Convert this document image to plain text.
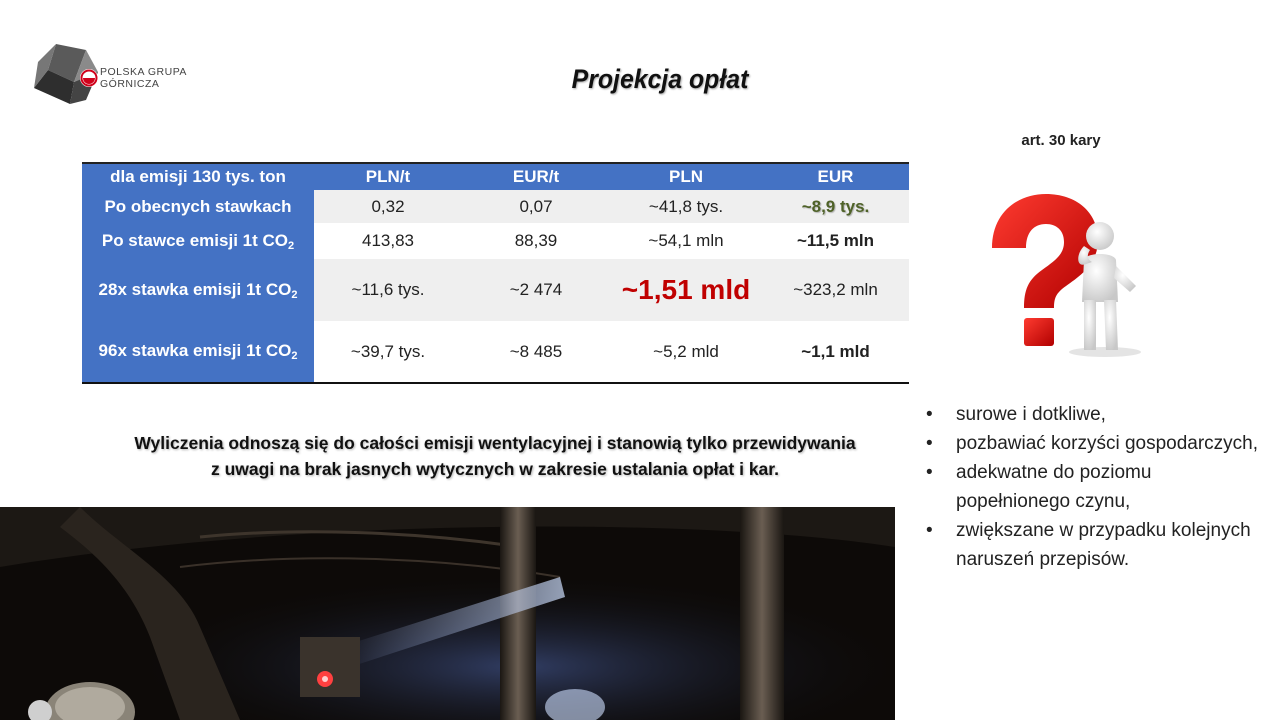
POLSKA GRUPA
GÓRNICZA	Projekcja opłat
dla emisji 130 tys. ton	PLN/t	EUR/t	PLN	EUR
Po obecnych stawkach	0,32	0,07	~41,8 tys.	~8,9 tys.
Po stawce emisji 1t $CO_2$	413,83	88,39	~54,1 mln	~11,5 mln
28x stawka emisji 1t $CO_2$	~11,6 tys.	~2 474	~1,51 mld	~323,2 mln
96x stawka emisji 1t $CO_2$	~39,7 tys.	~8 485	~5,2 mld	~1,1 mld
Wyliczenia odnoszą się do całości emisji wentylacyjnej i stanowią tylko przewidywania
z uwagi na brak jasnych wytycznych w zakresie ustalania opłat i kar.
art. 30 kary
• surowe i dotkliwe,
• pozbawiać korzyści gospodarczych,
• adekwatne do poziomu popełnionego czynu,
• zwiększane w przypadku kolejnych naruszeń przepisów.
